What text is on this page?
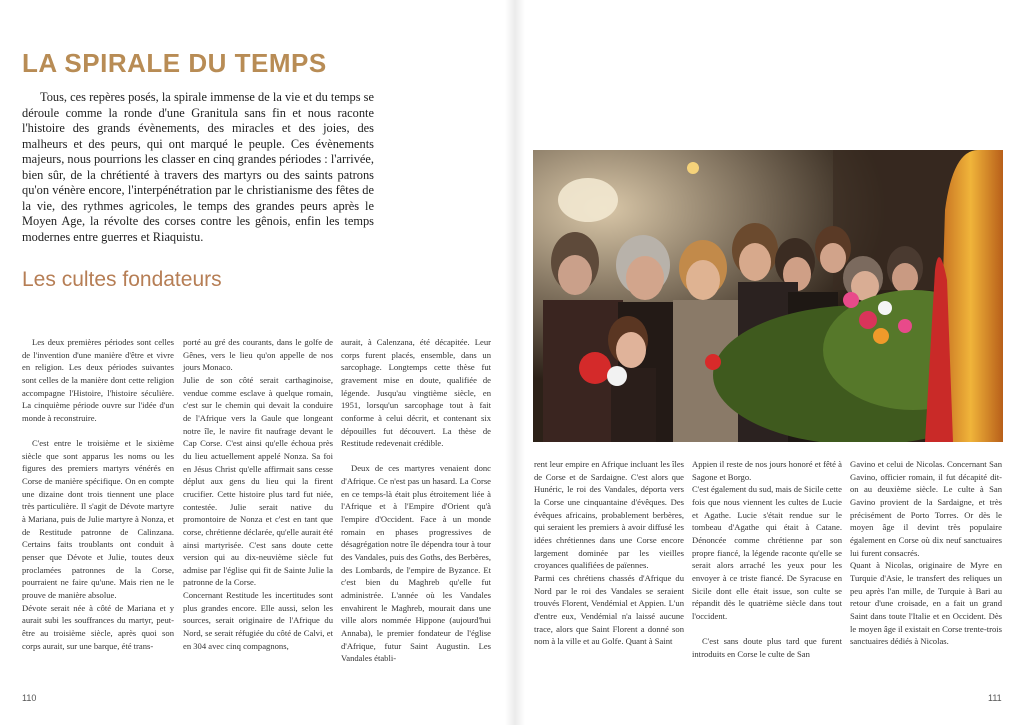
LA SPIRALE DU TEMPS

Tous, ces repères posés, la spirale immense de la vie et du temps se déroule comme la ronde d'une Granitula sans fin et nous raconte l'histoire des grands évènements, des miracles et des joies, des malheurs et des peurs, qui ont marqué le peuple. Ces évènements majeurs, nous pourrions les classer en cinq grandes périodes : l'arrivée, bien sûr, de la chrétienté à travers des martyrs ou des saints patrons qu'on vénère encore, l'interpénétration par le christianisme des fêtes de la vie, des rythmes agricoles, le temps des grandes peurs après le Moyen Age, la révolte des corses contre les gênois, enfin les temps modernes entre guerres et Riaquistu.

Les cultes fondateurs

Les deux premières périodes sont celles de l'invention d'une manière d'être et vivre en religion. Les deux périodes suivantes sont celles de la manière dont cette religion accompagne l'Histoire, l'histoire séculière. La cinquième période ouvre sur l'idée d'un monde à reconstruire.

C'est entre le troisième et le sixième siècle que sont apparus les noms ou les figures des premiers martyrs vénérés en Corse de manière spécifique. On en compte une dizaine dont trois tiennent une place très particulière. Il s'agit de Dévote martyre à Mariana, puis de Julie martyre à Nonza, et de Restitude patronne de Calinzana. Certains faits troublants ont conduit à penser que Dévote et Julie, toutes deux proclamées patronnes de la Corse, pourraient ne faire qu'une. Mais rien ne le prouve de manière absolue.

Dévote serait née à côté de Mariana et y aurait subi les souffrances du martyr, peut- être au troisième siècle, après quoi son corps aurait, sur une barque, été trans-

porté au gré des courants, dans le golfe de Gênes, vers le lieu qu'on appelle de nos jours Monaco.

Julie de son côté serait carthaginoise, vendue comme esclave à quelque romain, c'est sur le chemin qui devait la conduire de l'Afrique vers la Gaule que longeant notre île, le navire fit naufrage devant le Cap Corse. C'est ainsi qu'elle échoua près du lieu actuellement appelé Nonza. Sa foi en Jésus Christ qu'elle affirmait sans cesse déplut aux gens du lieu qui la firent crucifier. Cette histoire plus tard fut niée, contestée. Julie serait native du promontoire de Nonza et c'est en tant que corse, chrétienne déclarée, qu'elle aurait été ainsi martyrisée. C'est sans doute cette version qui au dix-neuvième siècle fut admise par l'église qui fit de Sainte Julie la patronne de la Corse.

Concernant Restitude les incertitudes sont plus grandes encore. Elle aussi, selon les sources, serait originaire de l'Afrique du Nord, se serait réfugiée du côté de Calvi, et en 304 avec cinq compagnons,

aurait, à Calenzana, été décapitée. Leur corps furent placés, ensemble, dans un sarcophage. Longtemps cette thèse fut gravement mise en doute, qualifiée de légende. Jusqu'au vingtième siècle, en 1951, lorsqu'un sarcophage tout à fait conforme à celui décrit, et contenant six dépouilles fut découvert. La thèse de Restitude redevenait crédible.

Deux de ces martyres venaient donc d'Afrique. Ce n'est pas un hasard. La Corse en ce temps-là était plus étroitement liée à l'Afrique et à l'Empire d'Orient qu'à l'empire d'Occident. Face à un monde romain en phases progressives de désagrégation notre île dépendra tour à tour des Vandales, puis des Goths, des Berbères, des Lombards, de l'empire de Byzance. Et c'est bien du Maghreb qu'elle fut administrée. L'année où les Vandales envahirent le Maghreb, mourait dans une ville alors nommée Hippone (aujourd'hui Annaba), le premier fondateur de l'église d'Afrique, futur Saint Augustin. Les Vandales établi-

110

rent leur empire en Afrique incluant les îles de Corse et de Sardaigne. C'est alors que Hunéric, le roi des Vandales, déporta vers la Corse une cinquantaine d'évêques. Des évêques africains, probablement berbères, qui seraient les premiers à avoir diffusé les idées chrétiennes dans une Corse encore largement dominée par les vieilles croyances qualifiées de païennes.

Parmi ces chrétiens chassés d'Afrique du Nord par le roi des Vandales se seraient trouvés Florent, Vendémial et Appien. L'un d'entre eux, Vendémial n'a laissé aucune trace, alors que Saint Florent a donné son nom à la ville et au Golfe. Quant à Saint

Appien il reste de nos jours honoré et fêté à Sagone et Borgo.

C'est également du sud, mais de Sicile cette fois que nous viennent les cultes de Lucie et Agathe. Lucie s'était rendue sur le tombeau d'Agathe qui était à Catane. Dénoncée comme chrétienne par son propre fiancé, la légende raconte qu'elle se serait alors arraché les yeux pour les envoyer à ce triste fiancé. De Syracuse en Sicile dont elle était issue, son culte se répandit dès le quatrième siècle dans tout l'occident.

C'est sans doute plus tard que furent introduits en Corse le culte de San

Gavino et celui de Nicolas. Concernant San Gavino, officier romain, il fut décapité dit-on au deuxième siècle. Le culte à San Gavino provient de la Sardaigne, et très précisément de Porto Torres. Or dès le moyen âge il devint très populaire également en Corse où dix neuf sanctuaires lui furent consacrés.

Quant à Nicolas, originaire de Myre en Turquie d'Asie, le transfert des reliques un peu après l'an mille, de Turquie à Bari au retour d'une croisade, en a fait un grand Saint dans toute l'Italie et en Occident. Dès le moyen âge il existait en Corse trente-trois sanctuaires dédiés à Nicolas.

111
